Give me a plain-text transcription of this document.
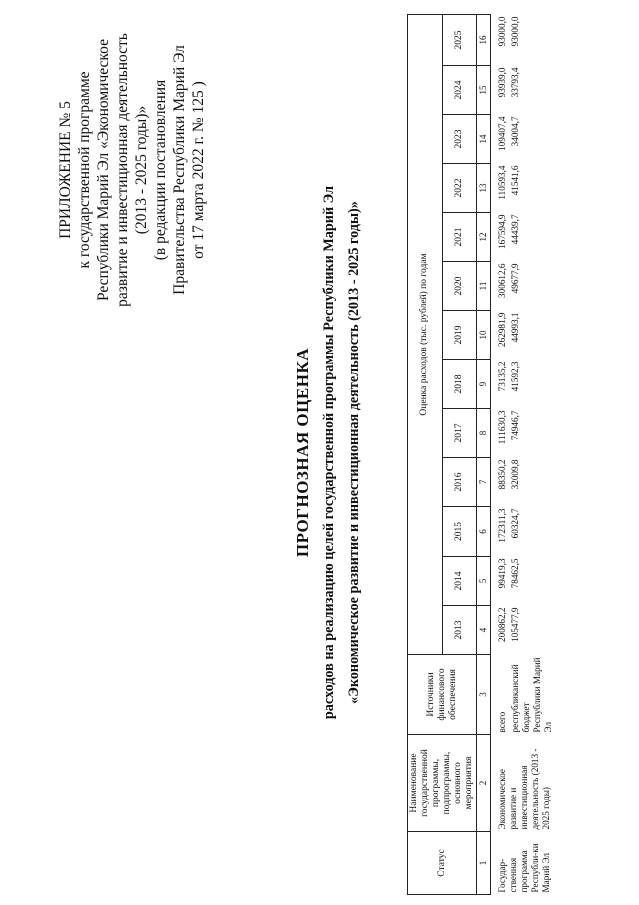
ПРИЛОЖЕНИЕ № 5 к государственной программе Республики Марий Эл «Экономическое развитие и инвестиционная деятельность (2013 - 2025 годы)» (в редакции постановления Правительства Республики Марий Эл от 17 марта 2022 г. № 125 )
ПРОГНОЗНАЯ ОЦЕНКА расходов на реализацию целей государственной программы Республики Марий Эл «Экономическое развитие и инвестиционная деятельность (2013 - 2025 годы)»
Статус	Наименование государственной программы, подпрограммы, основного мероприятия	Источники финансового обеспечения	Оценка расходов (тыс. рублей) по годам												
			2013	2014	2015	2016	2017	2018	2019	2020	2021	2022	2023	2024	2025
1	2	3	4	5	6	7	8	9	10	11	12	13	14	15	16
Государ-ственная программа Республи-ки Марий Эл	Экономическое развитие и инвестиционная деятельность (2013 - 2025 годы)	всего	200862,2	99419,3	172311,3	88350,2	111630,3	73135,2	262981,9	300612,6	167594,9	110593,4	109407,4	93939,0	93000,0
		республиканский бюджет Республики Марий Эл	105477,9	78462,5	60324,7	32009,8	74946,7	41592,3	44993,1	49677,9	44439,7	41541,6	34004,7	33793,4	93000,0
